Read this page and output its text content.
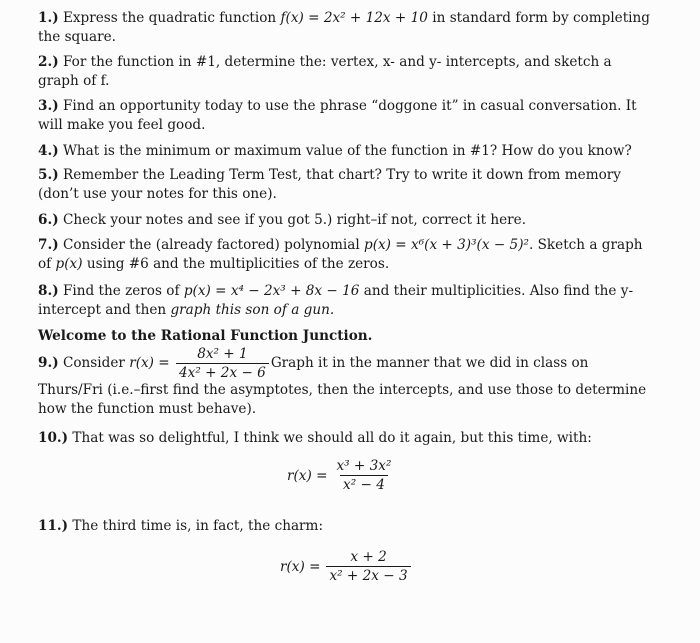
1.) Express the quadratic function f(x) = 2x² + 12x + 10 in standard form by completing the square.
2.) For the function in #1, determine the: vertex, x- and y- intercepts, and sketch a graph of f.
3.) Find an opportunity today to use the phrase “doggone it” in casual conversation. It will make you feel good.
4.) What is the minimum or maximum value of the function in #1? How do you know?
5.) Remember the Leading Term Test, that chart? Try to write it down from memory (don’t use your notes for this one).
6.) Check your notes and see if you got 5.) right–if not, correct it here.
7.) Consider the (already factored) polynomial p(x) = x⁶(x + 3)³(x − 5)². Sketch a graph of p(x) using #6 and the multiplicities of the zeros.
8.) Find the zeros of p(x) = x⁴ − 2x³ + 8x − 16 and their multiplicities. Also find the y-intercept and then graph this son of a gun.
Welcome to the Rational Function Junction.
9.) Consider $r(x) = \frac{\text{8x² + 1}}{\text{4x² + 2x − 6}}$ Graph it in the manner that we did in class on Thurs/Fri (i.e.–first find the asymptotes, then the intercepts, and use those to determine how the function must behave).
10.) That was so delightful, I think we should all do it again, but this time, with:
$r(x) = \frac{\text{x³ + 3x²}}{\text{x² − 4}}$
11.) The third time is, in fact, the charm:
$r(x) = \frac{x + 2}{\text{x² + 2x − 3}}$
